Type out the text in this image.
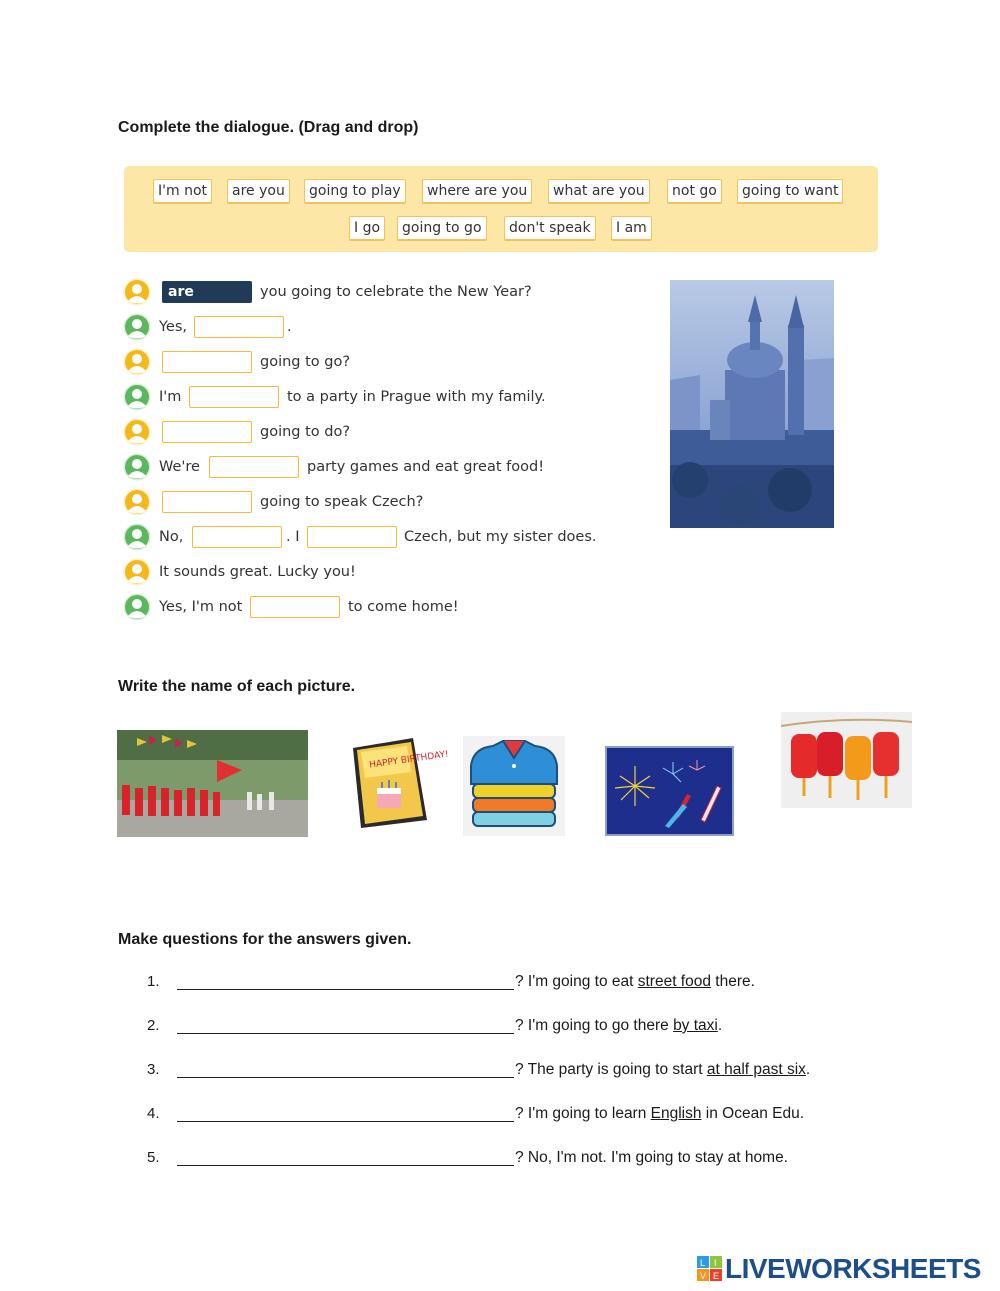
Complete the dialogue. (Drag and drop)
I'm not	are you	going to play	where are you	what are you	not go	going to want
I go	going to go	don't speak	I am
are	you going to celebrate the New Year?
Yes,	.
going to go?
I'm	to a party in Prague with my family.
going to do?
We're	party games and eat great food!
going to speak Czech?
No,	. I	Czech, but my sister does.
It sounds great. Lucky you!
Yes, I'm not	to come home!
Write the name of each picture.
HAPPY BIRTHDAY!
Make questions for the answers given.
1.	? I'm going to eat street food there.
2.	? I'm going to go there by taxi.
3.	? The party is going to start at half past six.
4.	? I'm going to learn English in Ocean Edu.
5.	? No, I'm not. I'm going to stay at home.
L I
V E LIVEWORKSHEETS
